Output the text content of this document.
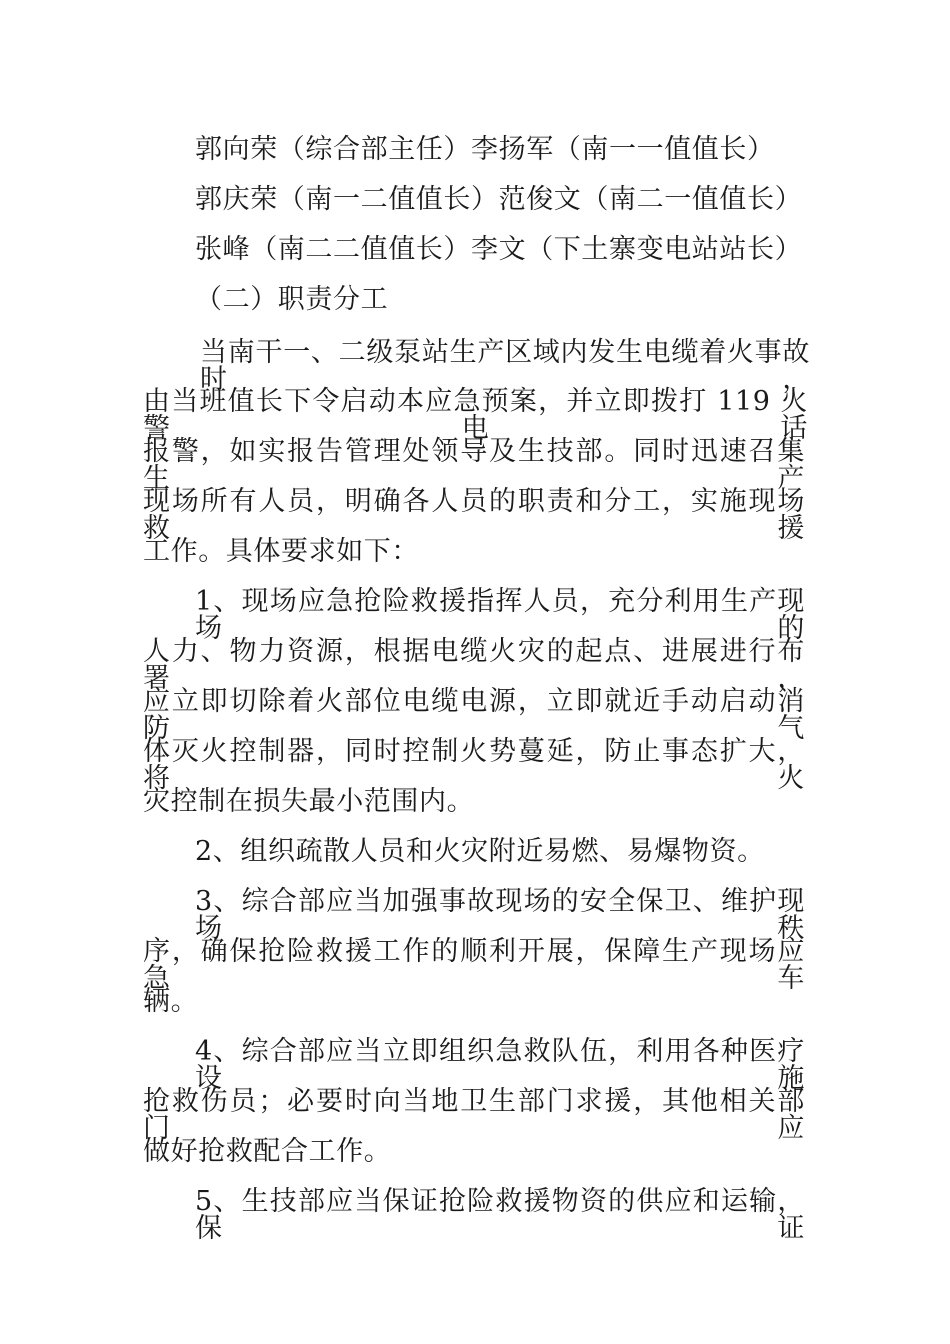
郭向荣（综合部主任）李扬军（南一一值值长）
郭庆荣（南一二值值长）范俊文（南二一值值长）
张峰（南二二值值长）李文（下土寨变电站站长）
（二）职责分工
当南干一、二级泵站生产区域内发生电缆着火事故时，
由当班值长下令启动本应急预案，并立即拨打 119 火警电话
报警，如实报告管理处领导及生技部。同时迅速召集生产
现场所有人员，明确各人员的职责和分工，实施现场救援
工作。具体要求如下：
1、现场应急抢险救援指挥人员，充分利用生产现场的
人力、物力资源，根据电缆火灾的起点、进展进行布署，
应立即切除着火部位电缆电源，立即就近手动启动消防气
体灭火控制器，同时控制火势蔓延，防止事态扩大，将火
灾控制在损失最小范围内。
2、组织疏散人员和火灾附近易燃、易爆物资。
3、综合部应当加强事故现场的安全保卫、维护现场秩
序，确保抢险救援工作的顺利开展，保障生产现场应急车
辆。
4、综合部应当立即组织急救队伍，利用各种医疗设施
抢救伤员；必要时向当地卫生部门求援，其他相关部门应
做好抢救配合工作。
5、生技部应当保证抢险救援物资的供应和运输，保证
